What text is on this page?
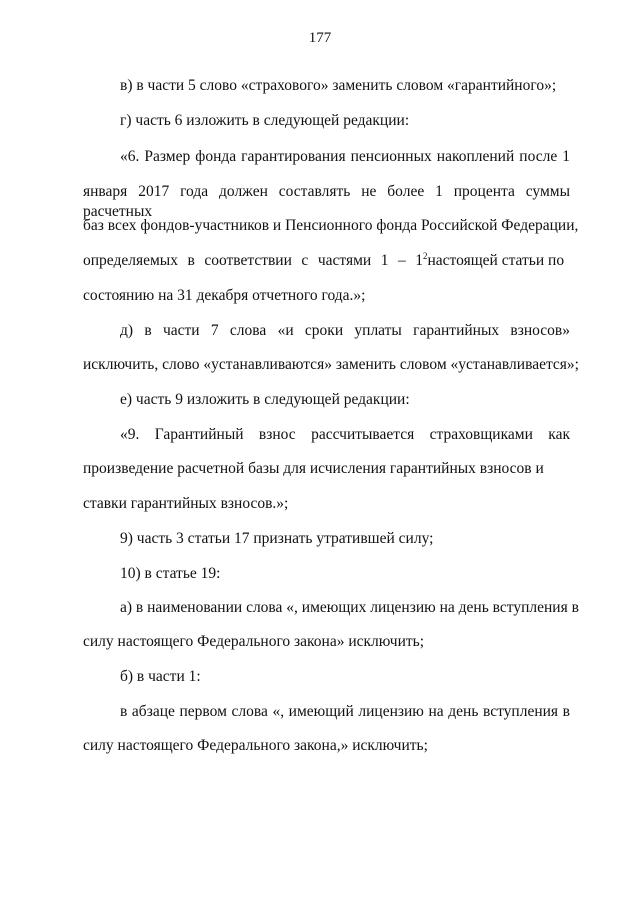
177
в) в части 5 слово «страхового» заменить словом «гарантийного»;
г) часть 6 изложить в следующей редакции:
«6. Размер фонда гарантирования пенсионных накоплений после 1
января 2017 года должен составлять не более 1 процента суммы расчетных
баз всех фондов-участников и Пенсионного фонда Российской Федерации,
определяемых в соответствии с частями $1 - 1^2настоящей$ статьи по
состоянию на 31 декабря отчетного года.»;
д) в части 7 слова «и сроки уплаты гарантийных взносов»
исключить, слово «устанавливаются» заменить словом «устанавливается»;
е) часть 9 изложить в следующей редакции:
«9. Гарантийный взнос рассчитывается страховщиками как
произведение расчетной базы для исчисления гарантийных взносов и
ставки гарантийных взносов.»;
9) часть 3 статьи 17 признать утратившей силу;
10) в статье 19:
а) в наименовании слова «, имеющих лицензию на день вступления в
силу настоящего Федерального закона» исключить;
б) в части 1:
в абзаце первом слова «, имеющий лицензию на день вступления в
силу настоящего Федерального закона,» исключить;
